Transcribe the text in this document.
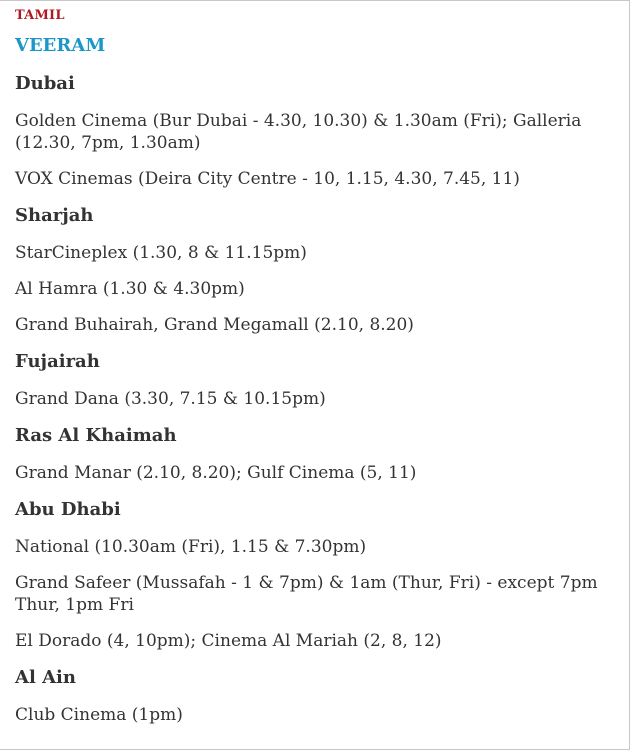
TAMIL

VEERAM

Dubai

Golden Cinema (Bur Dubai - 4.30, 10.30) & 1.30am (Fri); Galleria (12.30, 7pm, 1.30am)

VOX Cinemas (Deira City Centre - 10, 1.15, 4.30, 7.45, 11)

Sharjah

StarCineplex (1.30, 8 & 11.15pm)

Al Hamra (1.30 & 4.30pm)

Grand Buhairah, Grand Megamall (2.10, 8.20)

Fujairah

Grand Dana (3.30, 7.15 & 10.15pm)

Ras Al Khaimah

Grand Manar (2.10, 8.20); Gulf Cinema (5, 11)

Abu Dhabi

National (10.30am (Fri), 1.15 & 7.30pm)

Grand Safeer (Mussafah - 1 & 7pm) & 1am (Thur, Fri) - except 7pm Thur, 1pm Fri

El Dorado (4, 10pm); Cinema Al Mariah (2, 8, 12)

Al Ain

Club Cinema (1pm)
